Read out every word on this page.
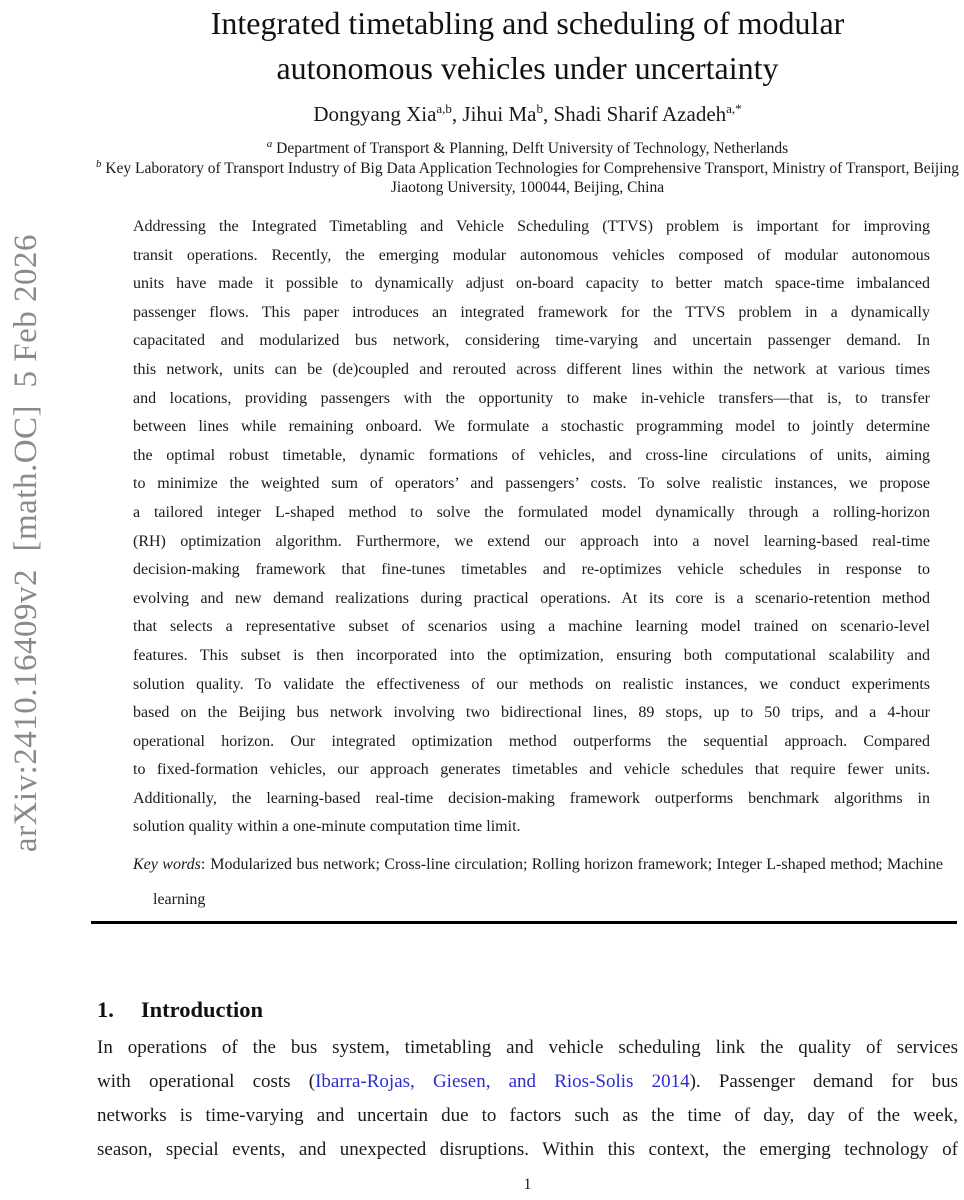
arXiv:2410.16409v2  [math.OC]  5 Feb 2026
Integrated timetabling and scheduling of modular
autonomous vehicles under uncertainty
Dongyang Xia$^{a,b}$, Jihui Ma$^b$, Shadi Sharif Azadeh$^{a,*}$
$^a$ Department of Transport & Planning, Delft University of Technology, Netherlands
$^b$ Key Laboratory of Transport Industry of Big Data Application Technologies for Comprehensive Transport, Ministry of Transport, Beijing Jiaotong University, 100044, Beijing, China
Addressing the Integrated Timetabling and Vehicle Scheduling (TTVS) problem is important for improving
transit operations. Recently, the emerging modular autonomous vehicles composed of modular autonomous
units have made it possible to dynamically adjust on-board capacity to better match space-time imbalanced
passenger flows. This paper introduces an integrated framework for the TTVS problem in a dynamically
capacitated and modularized bus network, considering time-varying and uncertain passenger demand. In
this network, units can be (de)coupled and rerouted across different lines within the network at various times
and locations, providing passengers with the opportunity to make in-vehicle transfers—that is, to transfer
between lines while remaining onboard. We formulate a stochastic programming model to jointly determine
the optimal robust timetable, dynamic formations of vehicles, and cross-line circulations of units, aiming
to minimize the weighted sum of operators’ and passengers’ costs. To solve realistic instances, we propose
a tailored integer L-shaped method to solve the formulated model dynamically through a rolling-horizon
(RH) optimization algorithm. Furthermore, we extend our approach into a novel learning-based real-time
decision-making framework that fine-tunes timetables and re-optimizes vehicle schedules in response to
evolving and new demand realizations during practical operations. At its core is a scenario-retention method
that selects a representative subset of scenarios using a machine learning model trained on scenario-level
features. This subset is then incorporated into the optimization, ensuring both computational scalability and
solution quality. To validate the effectiveness of our methods on realistic instances, we conduct experiments
based on the Beijing bus network involving two bidirectional lines, 89 stops, up to 50 trips, and a 4-hour
operational horizon. Our integrated optimization method outperforms the sequential approach. Compared
to fixed-formation vehicles, our approach generates timetables and vehicle schedules that require fewer units.
Additionally, the learning-based real-time decision-making framework outperforms benchmark algorithms in
solution quality within a one-minute computation time limit.
Key words: Modularized bus network; Cross-line circulation; Rolling horizon framework; Integer L-shaped method; Machine learning
1. Introduction
In operations of the bus system, timetabling and vehicle scheduling link the quality of services
with operational costs (Ibarra-Rojas, Giesen, and Rios-Solis 2014). Passenger demand for bus
networks is time-varying and uncertain due to factors such as the time of day, day of the week,
season, special events, and unexpected disruptions. Within this context, the emerging technology of
1
